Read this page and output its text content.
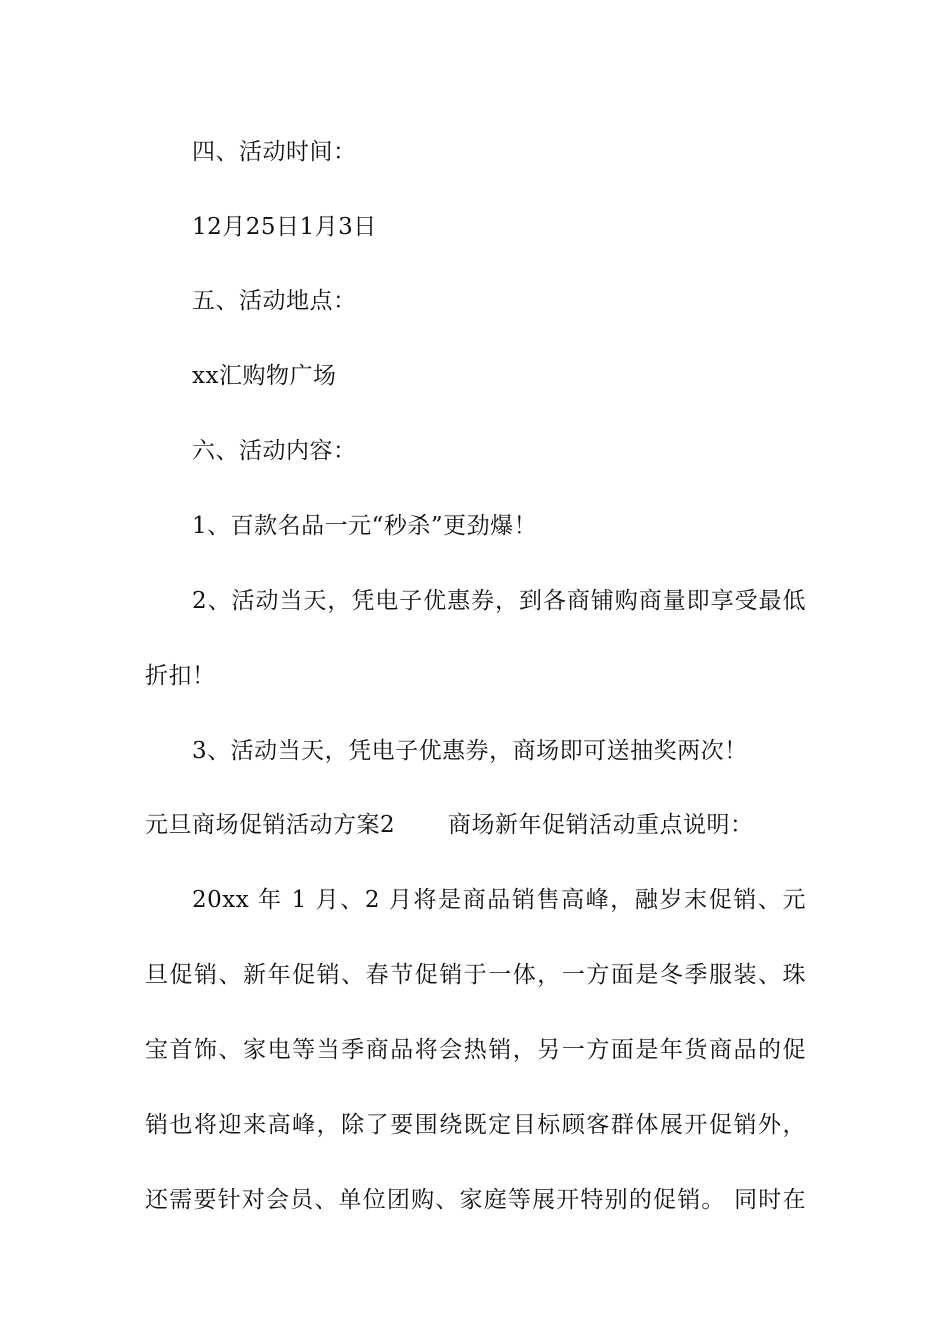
四、活动时间：
12月25日1月3日
五、活动地点：
xx汇购物广场
六、活动内容：
1、百款名品一元“秒杀”更劲爆！
2、活动当天，凭电子优惠券，到各商铺购商量即享受最低
折扣！
3、活动当天，凭电子优惠券，商场即可送抽奖两次！
元旦商场促销活动方案2 商场新年促销活动重点说明：
20xx 年 1 月、2 月将是商品销售高峰，融岁末促销、元
旦促销、新年促销、春节促销于一体，一方面是冬季服装、珠
宝首饰、家电等当季商品将会热销，另一方面是年货商品的促
销也将迎来高峰，除了要围绕既定目标顾客群体展开促销外，
还需要针对会员、单位团购、家庭等展开特别的促销。 同时在
